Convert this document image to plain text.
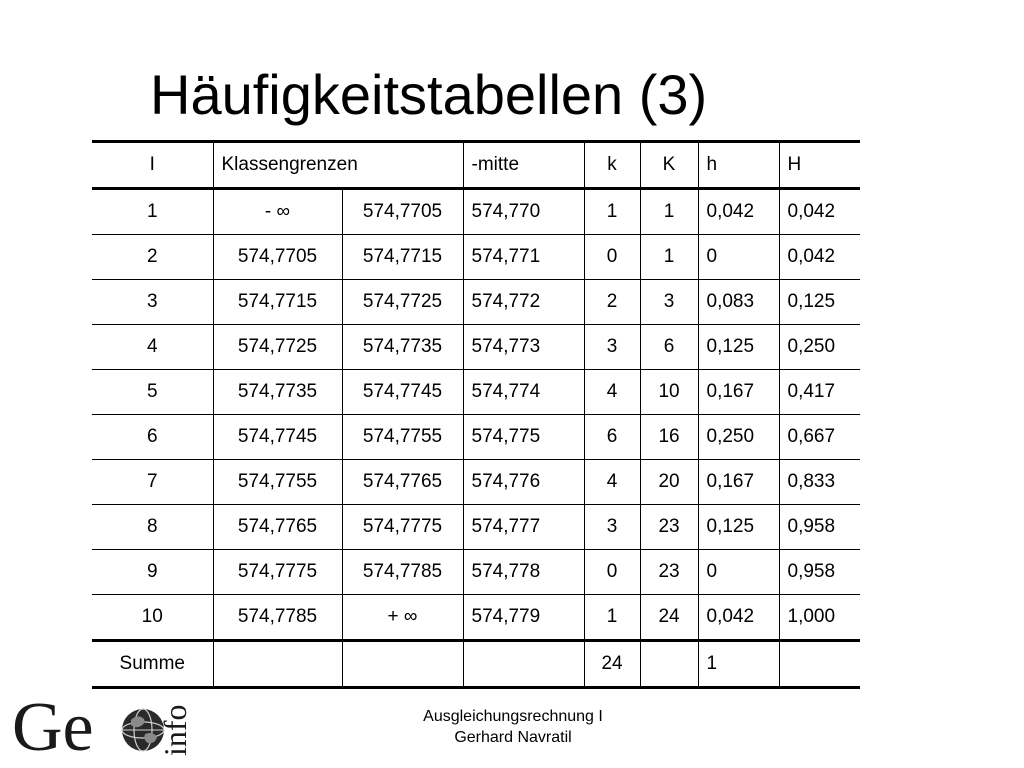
Häufigkeitstabellen (3)
I	Klassengrenzen		-mitte	k	K	h	H
1	- ∞	574,7705	574,770	1	1	0,042	0,042
2	574,7705	574,7715	574,771	0	1	0	0,042
3	574,7715	574,7725	574,772	2	3	0,083	0,125
4	574,7725	574,7735	574,773	3	6	0,125	0,250
5	574,7735	574,7745	574,774	4	10	0,167	0,417
6	574,7745	574,7755	574,775	6	16	0,250	0,667
7	574,7755	574,7765	574,776	4	20	0,167	0,833
8	574,7765	574,7775	574,777	3	23	0,125	0,958
9	574,7775	574,7785	574,778	0	23	0	0,958
10	574,7785	+ ∞	574,779	1	24	0,042	1,000
Summe				24		1	
Ge info	Ausgleichungsrechnung I
Gerhard Navratil
